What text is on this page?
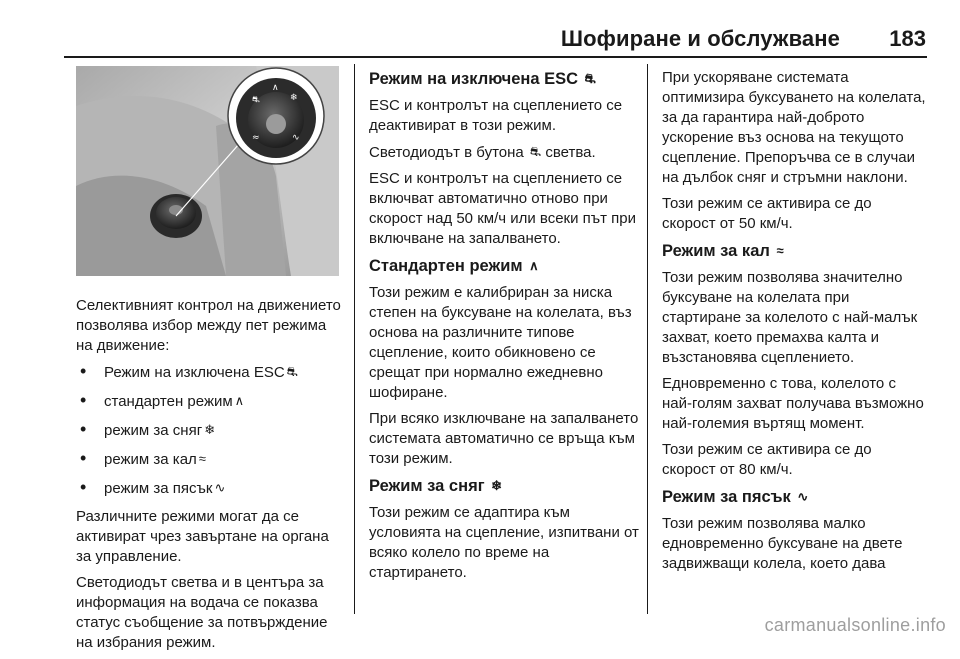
Шофиране и обслужване 183
⛐
∧
❄
≈	∿

Селективният контрол на движението позволява избор между пет режима на движение:

• Режим на изключена ESC ⛐
• стандартен режим ∧
• режим за сняг ❄
• режим за кал ≈
• режим за пясък ∿

Различните режими могат да се активират чрез завъртане на органа за управление.

Светодиодът светва и в центъра за информация на водача се показва статус съобщение за потвърждение на избрания режим.

Режим на изключена ESC ⛐

ESC и контролът на сцеплението се деактивират в този режим.

Светодиодът в бутона ⛐ светва.

ESC и контролът на сцеплението се включват автоматично отново при скорост над 50 км/ч или всеки път при включване на запалването.

Стандартен режим ∧

Този режим е калибриран за ниска степен на буксуване на колелата, въз основа на различните типове сцепление, които обикновено се срещат при нормално ежедневно шофиране.

При всяко изключване на запалването системата автоматично се връща към този режим.

Режим за сняг ❄

Този режим се адаптира към условията на сцепление, изпитвани от всяко колело по време на стартирането.

При ускоряване системата оптимизира буксуването на колелата, за да гарантира най-доброто ускорение въз основа на текущото сцепление. Препоръчва се в случаи на дълбок сняг и стръмни наклони.

Този режим се активира се до скорост от 50 км/ч.

Режим за кал ≈

Този режим позволява значително буксуване на колелата при стартиране за колелото с най-малък захват, което премахва калта и възстановява сцеплението.

Едновременно с това, колелото с най-голям захват получава възможно най-големия въртящ момент.

Този режим се активира се до скорост от 80 км/ч.

Режим за пясък ∿

Този режим позволява малко едновременно буксуване на двете задвижващи колела, което дава

carmanualsonline.info
